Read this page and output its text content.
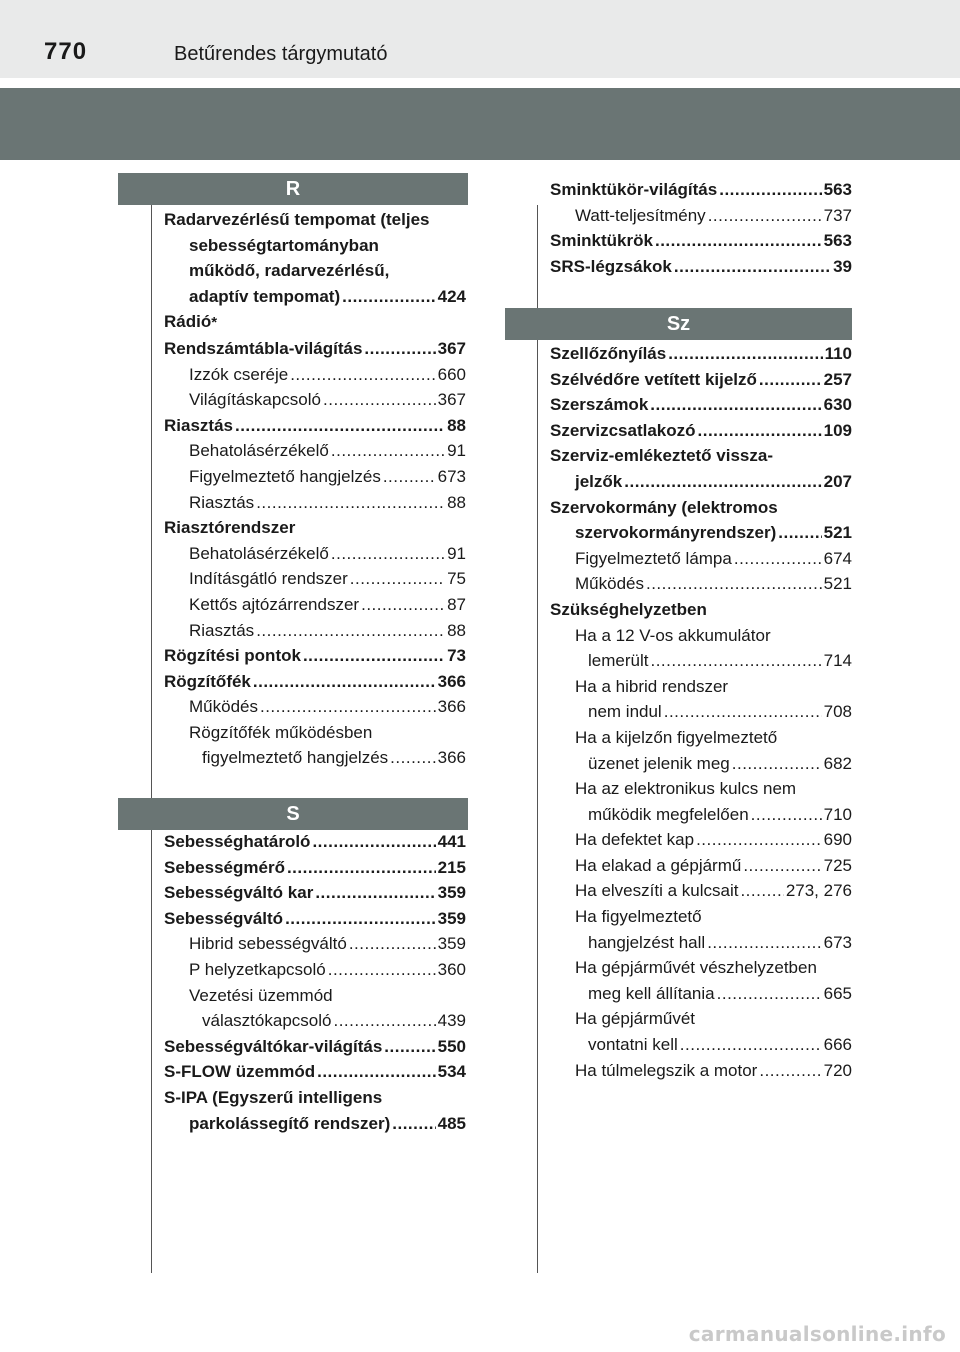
770	Betűrendes tárgymutató
R
S
Sz
Radarvezérlésű tempomat (teljes
sebességtartományban
működő, radarvezérlésű,
adaptív tempomat) .....	424
Rádió *
Rendszámtábla-világítás .....	367
Izzók cseréje .....	660
Világításkapcsoló .....	367
Riasztás .....	88
Behatolásérzékelő .....	91
Figyelmeztető hangjelzés .....	673
Riasztás .....	88
Riasztórendszer
Behatolásérzékelő .....	91
Indításgátló rendszer .....	75
Kettős ajtózárrendszer .....	87
Riasztás .....	88
Rögzítési pontok .....	73
Rögzítőfék .....	366
Működés .....	366
Rögzítőfék működésben
figyelmeztető hangjelzés .....	366
Sebességhatároló .....	441
Sebességmérő .....	215
Sebességváltó kar .....	359
Sebességváltó .....	359
Hibrid sebességváltó .....	359
P helyzetkapcsoló .....	360
Vezetési üzemmód
választókapcsoló .....	439
Sebességváltókar-világítás .....	550
S-FLOW üzemmód .....	534
S-IPA (Egyszerű intelligens
parkolássegítő rendszer) .....	485
Sminktükör-világítás .....	563
Watt-teljesítmény .....	737
Sminktükrök .....	563
SRS-légzsákok .....	39
Szellőzőnyílás .....	110
Szélvédőre vetített kijelző .....	257
Szerszámok .....	630
Szervizcsatlakozó .....	109
Szerviz-emlékeztető vissza-
jelzők .....	207
Szervokormány (elektromos
szervokormányrendszer) .....	521
Figyelmeztető lámpa .....	674
Működés .....	521
Szükséghelyzetben
Ha a 12 V-os akkumulátor
lemerült .....	714
Ha a hibrid rendszer
nem indul .....	708
Ha a kijelzőn figyelmeztető
üzenet jelenik meg .....	682
Ha az elektronikus kulcs nem
működik megfelelően .....	710
Ha defektet kap .....	690
Ha elakad a gépjármű .....	725
Ha elveszíti a kulcsait .....	273, 276
Ha figyelmeztető
hangjelzést hall .....	673
Ha gépjárművét vészhelyzetben
meg kell állítania .....	665
Ha gépjárművét
vontatni kell .....	666
Ha túlmelegszik a motor .....	720
carmanualsonline.info
